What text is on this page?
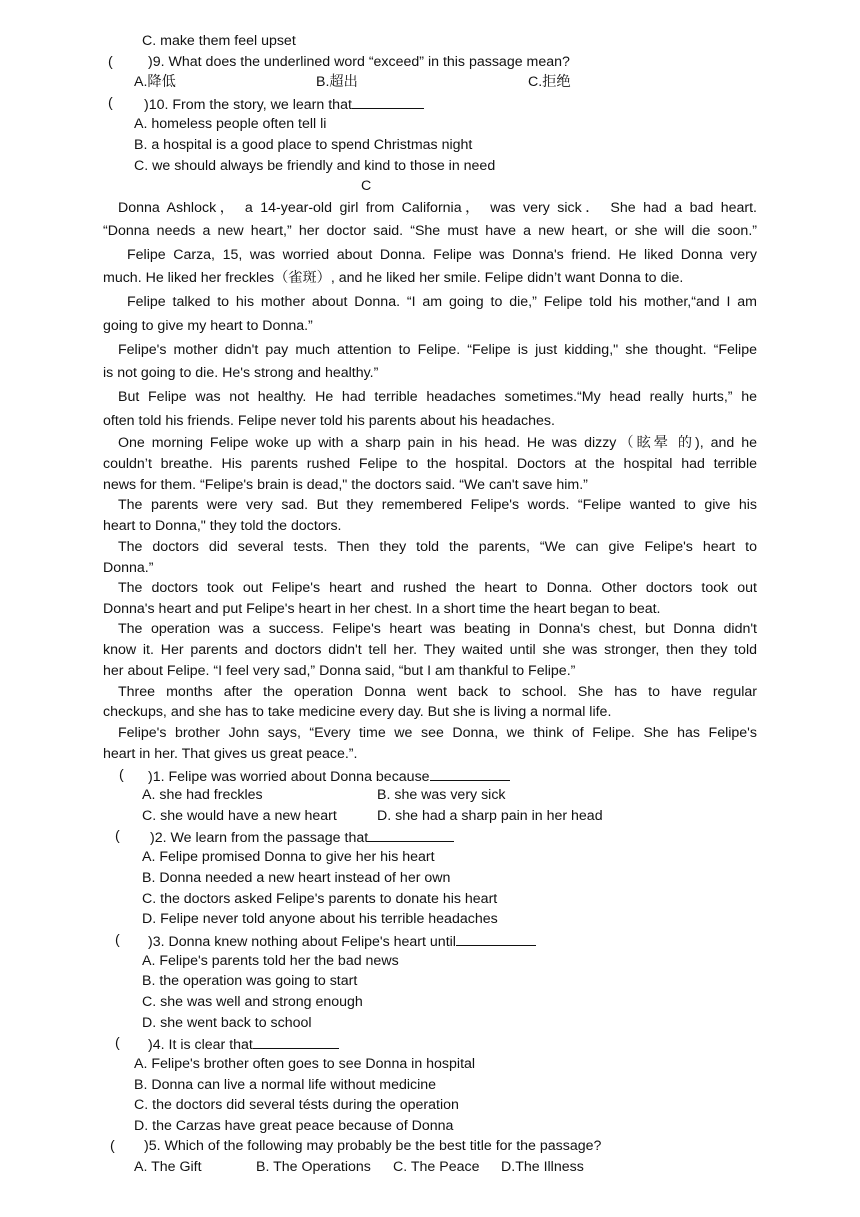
C. make them feel upset
( )9. What does the underlined word “exceed” in this passage mean?
A.降低	B.超出	C.拒绝
( )10. From the story, we learn that
A. homeless people often tell li
B. a hospital is a good place to spend Christmas night
C. we should always be friendly and kind to those in need
C
Donna Ashlock， a 14-year-old girl from California， was very sick． She had a bad heart.
“Donna needs a new heart,” her doctor said. “She must have a new heart, or she will die soon.”
Felipe Carza, 15, was worried about Donna. Felipe was Donna's friend. He liked Donna very
much. He liked her freckles（雀斑）, and he liked her smile. Felipe didn’t want Donna to die.
Felipe talked to his mother about Donna. “I am going to die,” Felipe told his mother,“and I am
going to give my heart to Donna.”
Felipe's mother didn't pay much attention to Felipe. “Felipe is just kidding," she thought. “Felipe
is not going to die. He's strong and healthy.”
But Felipe was not healthy. He had terrible headaches sometimes.“My head really hurts,” he
often told his friends. Felipe never told his parents about his headaches.
One morning Felipe woke up with a sharp pain in his head. He was dizzy（眩晕 的), and he
couldn’t breathe. His parents rushed Felipe to the hospital. Doctors at the hospital had terrible
news for them. “Felipe's brain is dead," the doctors said. “We can't save him.”
The parents were very sad. But they remembered Felipe's words. “Felipe wanted to give his
heart to Donna," they told the doctors.
The doctors did several tests. Then they told the parents, “We can give Felipe's heart to
Donna.”
The doctors took out Felipe's heart and rushed the heart to Donna. Other doctors took out
Donna's heart and put Felipe's heart in her chest. In a short time the heart began to beat.
The operation was a success. Felipe's heart was beating in Donna's chest, but Donna didn't
know it. Her parents and doctors didn't tell her. They waited until she was stronger, then they told
her about Felipe. “I feel very sad,” Donna said, “but I am thankful to Felipe.”
Three months after the operation Donna went back to school. She has to have regular
checkups, and she has to take medicine every day. But she is living a normal life.
Felipe's brother John says, “Every time we see Donna, we think of Felipe. She has Felipe's
heart in her. That gives us great peace.”.
( )1. Felipe was worried about Donna because
A. she had freckles	B. she was very sick
C. she would have a new heart	D. she had a sharp pain in her head
( )2. We learn from the passage that
A. Felipe promised Donna to give her his heart
B. Donna needed a new heart instead of her own
C. the doctors asked Felipe's parents to donate his heart
D. Felipe never told anyone about his terrible headaches
( )3. Donna knew nothing about Felipe's heart until
A. Felipe's parents told her the bad news
B. the operation was going to start
C. she was well and strong enough
D. she went back to school
( )4. It is clear that
A. Felipe's brother often goes to see Donna in hospital
B. Donna can live a normal life without medicine
C. the doctors did several tésts during the operation
D. the Carzas have great peace because of Donna
( )5. Which of the following may probably be the best title for the passage?
A. The Gift	B. The Operations C. The Peace D.The Illness
